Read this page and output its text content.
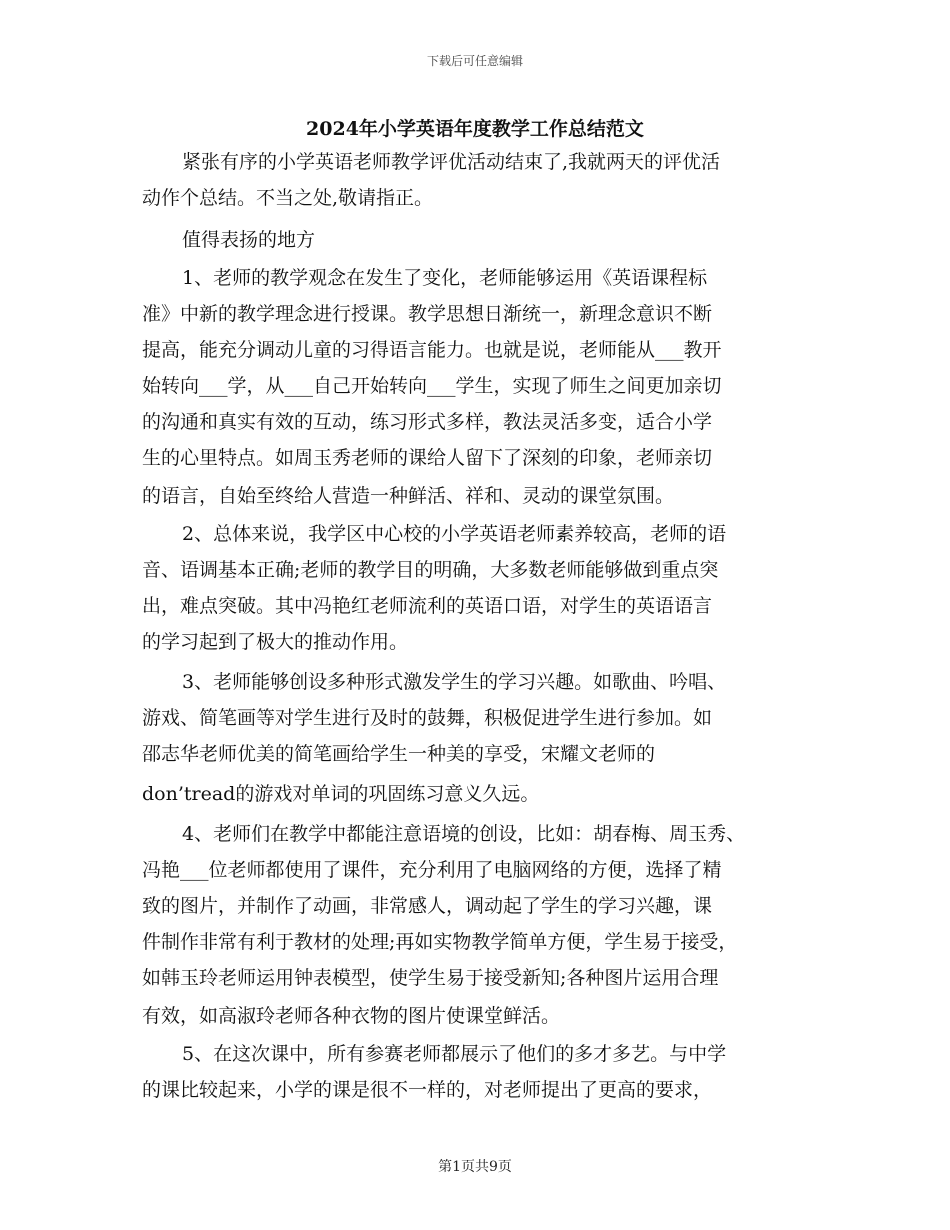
下载后可任意编辑
2024年小学英语年度教学工作总结范文
紧张有序的小学英语老师教学评优活动结束了,我就两天的评优活
动作个总结。不当之处,敬请指正。
值得表扬的地方
1、老师的教学观念在发生了变化，老师能够运用《英语课程标
准》中新的教学理念进行授课。教学思想日渐统一，新理念意识不断
提高，能充分调动儿童的习得语言能力。也就是说，老师能从___教开
始转向___学，从___自己开始转向___学生，实现了师生之间更加亲切
的沟通和真实有效的互动，练习形式多样，教法灵活多变，适合小学
生的心里特点。如周玉秀老师的课给人留下了深刻的印象，老师亲切
的语言，自始至终给人营造一种鲜活、祥和、灵动的课堂氛围。
2、总体来说，我学区中心校的小学英语老师素养较高，老师的语
音、语调基本正确;老师的教学目的明确，大多数老师能够做到重点突
出，难点突破。其中冯艳红老师流利的英语口语，对学生的英语语言
的学习起到了极大的推动作用。
3、老师能够创设多种形式激发学生的学习兴趣。如歌曲、吟唱、
游戏、简笔画等对学生进行及时的鼓舞，积极促进学生进行参加。如
邵志华老师优美的简笔画给学生一种美的享受，宋耀文老师的
don’tread的游戏对单词的巩固练习意义久远。
4、老师们在教学中都能注意语境的创设，比如：胡春梅、周玉秀、
冯艳___位老师都使用了课件，充分利用了电脑网络的方便，选择了精
致的图片，并制作了动画，非常感人，调动起了学生的学习兴趣，课
件制作非常有利于教材的处理;再如实物教学简单方便，学生易于接受，
如韩玉玲老师运用钟表模型，使学生易于接受新知;各种图片运用合理
有效，如高淑玲老师各种衣物的图片使课堂鲜活。
5、在这次课中，所有参赛老师都展示了他们的多才多艺。与中学
的课比较起来，小学的课是很不一样的，对老师提出了更高的要求，
第1页共9页
